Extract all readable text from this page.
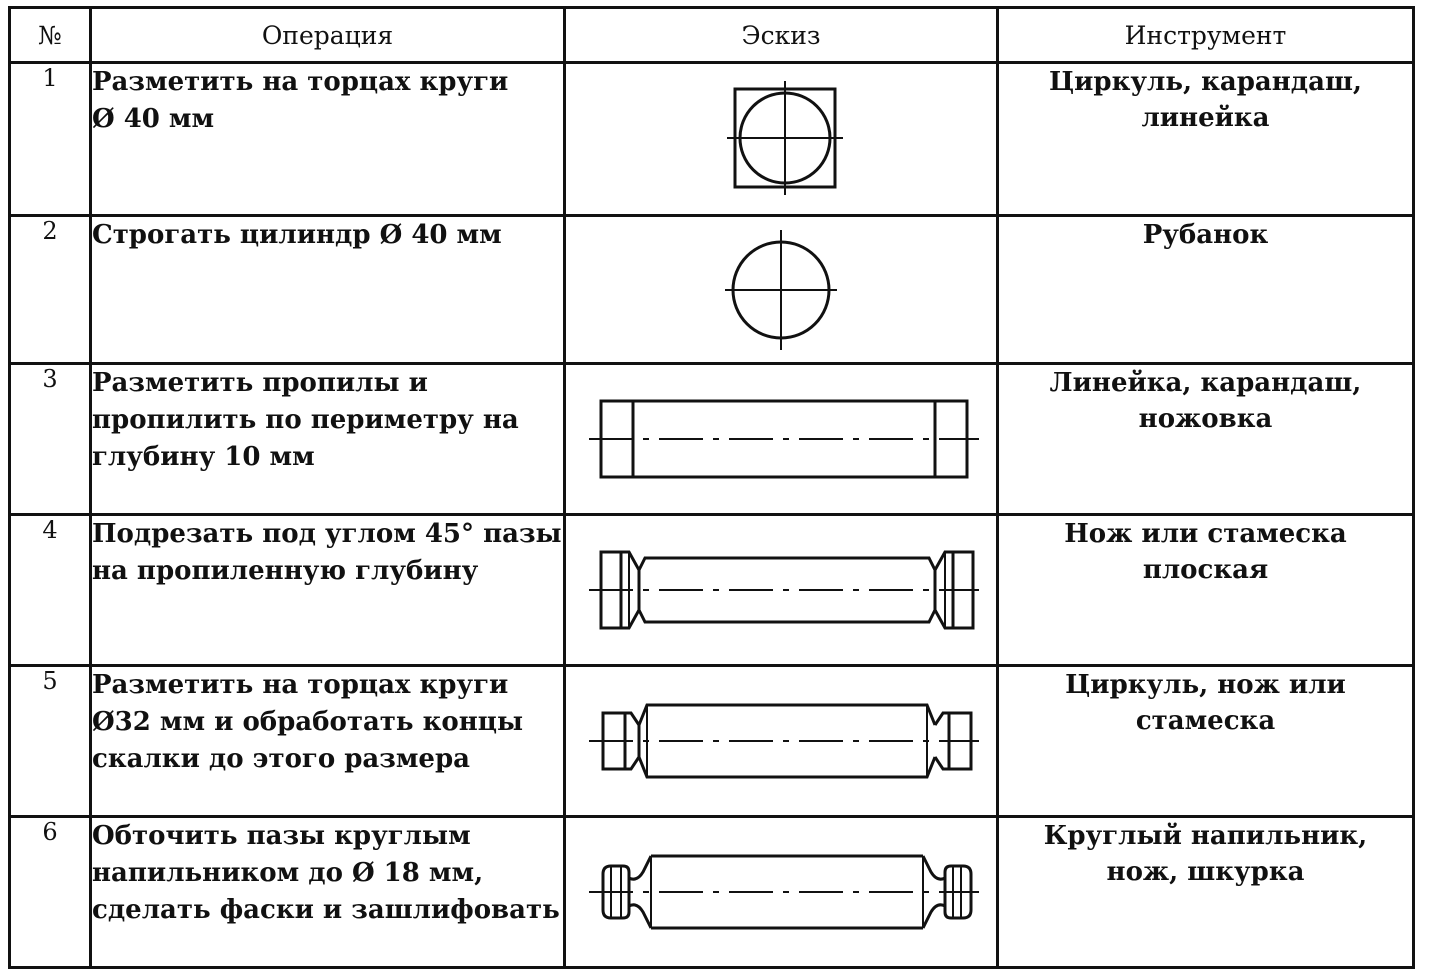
№	Операция	Эскиз	Инструмент
1	Разметить на торцах круги
Ø 40 мм		Циркуль, карандаш,
линейка
2	Строгать цилиндр Ø 40 мм		Рубанок
3	Разметить пропилы и
пропилить по периметру на
глубину 10 мм		Линейка, карандаш,
ножовка
4	Подрезать под углом 45° пазы
на пропиленную глубину		Нож или стамеска плоская
5	Разметить на торцах круги
Ø32 мм и обработать концы
скалки до этого размера		Циркуль, нож или
стамеска
6	Обточить пазы круглым
напильником до Ø 18 мм,
сделать фаски и зашлифовать		Круглый напильник,
нож, шкурка
